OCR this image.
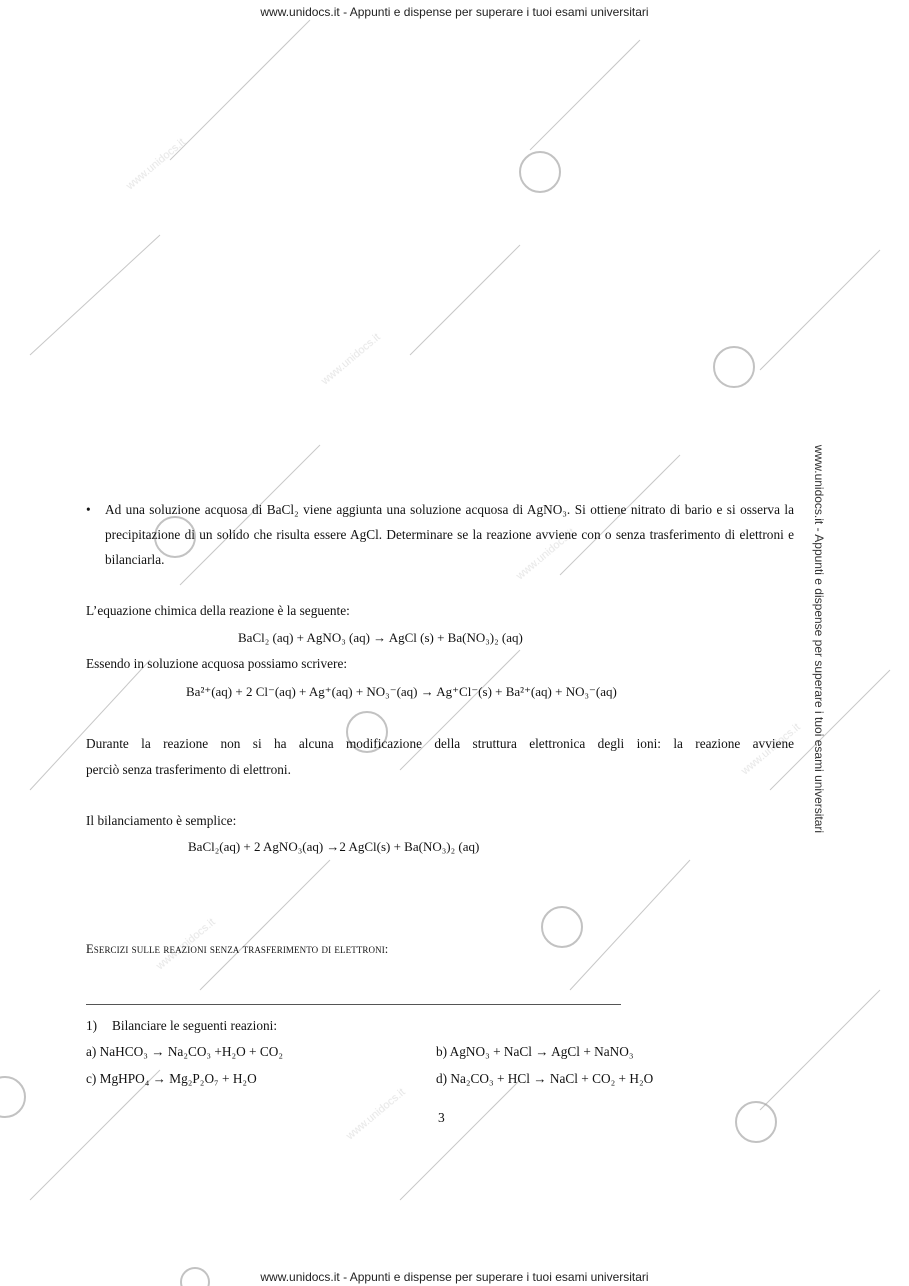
www.unidocs.it
www.unidocs.it
www.unidocs.it
www.unidocs.it
www.unidocs.it
www.unidocs.it
www.unidocs.it - Appunti e dispense per superare i tuoi esami universitari
www.unidocs.it - Appunti e dispense per superare i tuoi esami universitari
www.unidocs.it - Appunti e dispense per superare i tuoi esami universitari
• Ad una soluzione acquosa di BaCl₂ viene aggiunta una soluzione acquosa di AgNO₃. Si ottiene nitrato di bario e si osserva la precipitazione di un solido che risulta essere AgCl. Determinare se la reazione avviene con o senza trasferimento di elettroni e bilanciarla.
L’equazione chimica della reazione è la seguente:
BaCl₂ (aq) + AgNO₃ (aq) → AgCl (s) + Ba(NO₃)₂ (aq)
Essendo in soluzione acquosa possiamo scrivere:
Ba²⁺(aq) + 2 Cl⁻(aq) + Ag⁺(aq) + NO₃⁻(aq) → Ag⁺Cl⁻(s) + Ba²⁺(aq) + NO₃⁻(aq)
Durante la reazione non si ha alcuna modificazione della struttura elettronica degli ioni: la reazione avviene
perciò senza trasferimento di elettroni.
Il bilanciamento è semplice:
BaCl₂(aq) + 2 AgNO₃(aq) →2 AgCl(s) + Ba(NO₃)₂ (aq)
Esercizi sulle reazioni senza trasferimento di elettroni:
1) Bilanciare le seguenti reazioni:
a) NaHCO₃ → Na₂CO₃ +H₂O + CO₂	b) AgNO₃ + NaCl → AgCl + NaNO₃
c) MgHPO₄ → Mg₂P₂O₇ + H₂O	d) Na₂CO₃ + HCl → NaCl + CO₂ + H₂O
3
